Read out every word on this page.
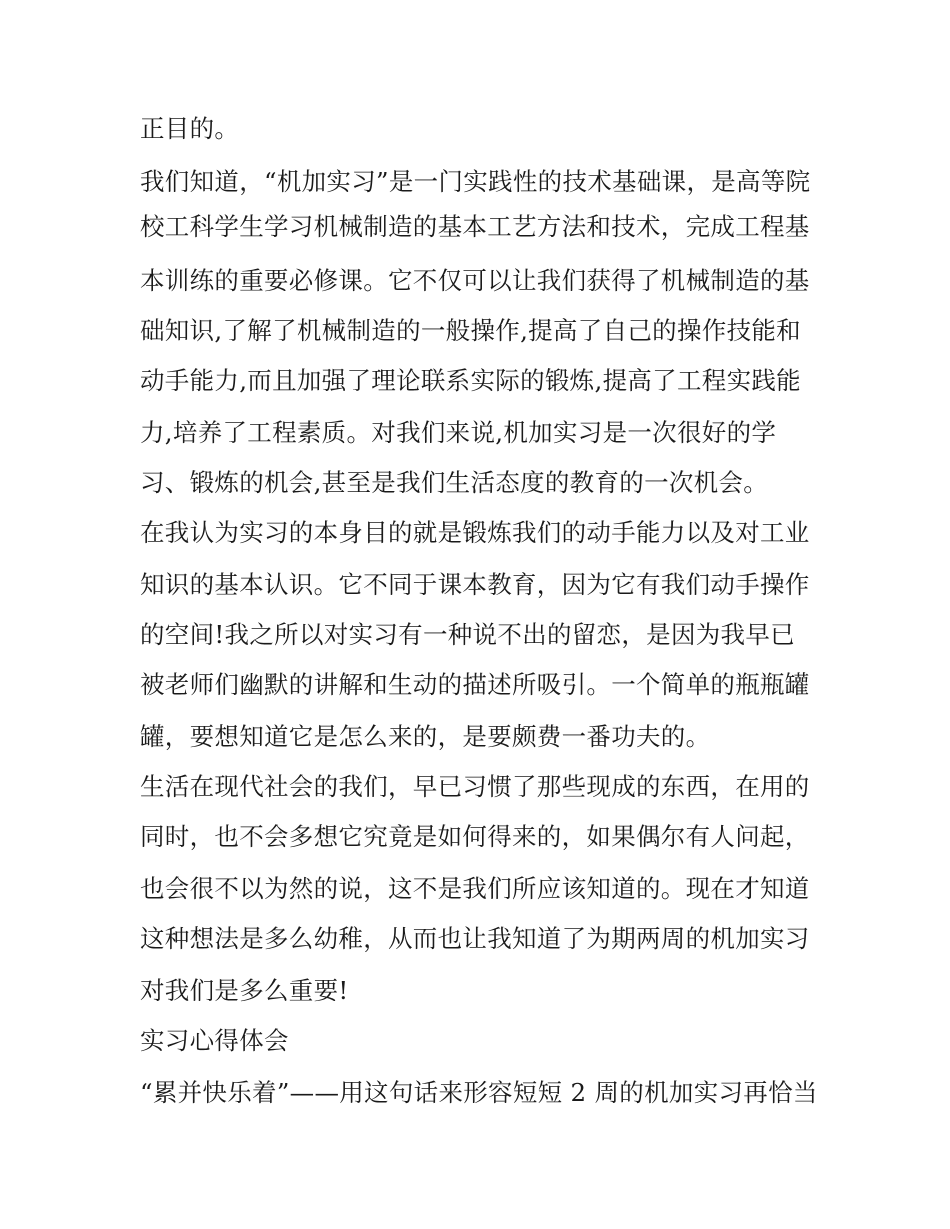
正目的。

我们知道，“机加实习”是一门实践性的技术基础课，是高等院

校工科学生学习机械制造的基本工艺方法和技术，完成工程基

本训练的重要必修课。它不仅可以让我们获得了机械制造的基

础知识,了解了机械制造的一般操作,提高了自己的操作技能和

动手能力,而且加强了理论联系实际的锻炼,提高了工程实践能

力,培养了工程素质。对我们来说,机加实习是一次很好的学

习、锻炼的机会,甚至是我们生活态度的教育的一次机会。

在我认为实习的本身目的就是锻炼我们的动手能力以及对工业

知识的基本认识。它不同于课本教育，因为它有我们动手操作

的空间!我之所以对实习有一种说不出的留恋，是因为我早已

被老师们幽默的讲解和生动的描述所吸引。一个简单的瓶瓶罐

罐，要想知道它是怎么来的，是要颇费一番功夫的。

生活在现代社会的我们，早已习惯了那些现成的东西，在用的

同时，也不会多想它究竟是如何得来的，如果偶尔有人问起，

也会很不以为然的说，这不是我们所应该知道的。现在才知道

这种想法是多么幼稚，从而也让我知道了为期两周的机加实习

对我们是多么重要!

实习心得体会

“累并快乐着”——用这句话来形容短短 2 周的机加实习再恰当
